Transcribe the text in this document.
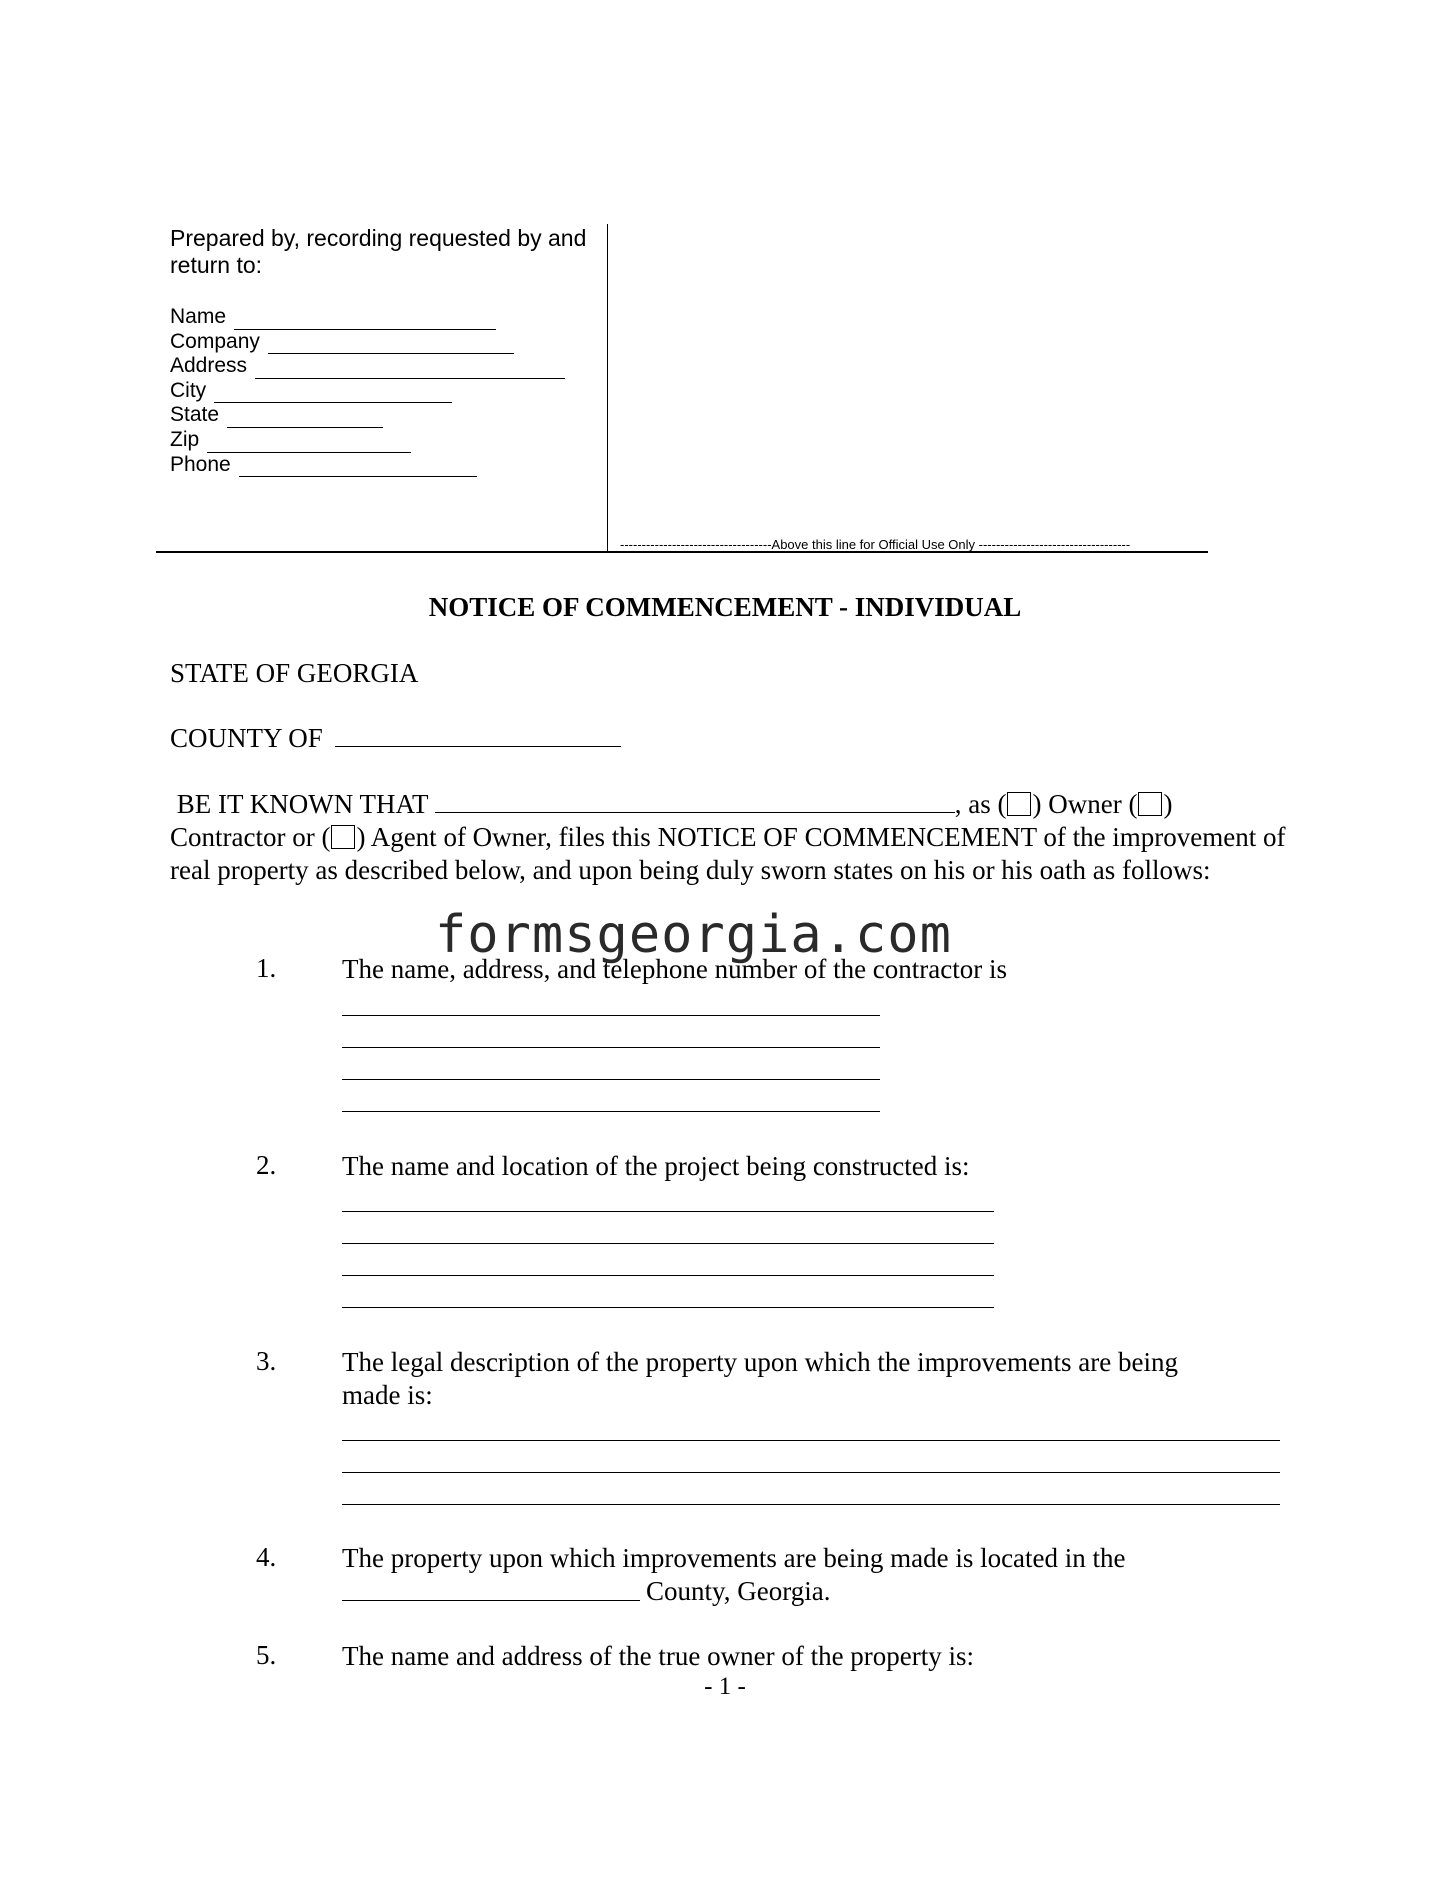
Prepared by, recording requested by and return to:
Name
Company
Address
City
State
Zip
Phone
-----------------------------------Above this line for Official Use Only -----------------------------------
NOTICE OF COMMENCEMENT - INDIVIDUAL
STATE OF GEORGIA
COUNTY OF
BE IT KNOWN THAT	, as ( ) Owner ( )
Contractor or ( ) Agent of Owner, files this NOTICE OF COMMENCEMENT of the improvement of real property as described below, and upon being duly sworn states on his or his oath as follows:
formsgeorgia.com
1. The name, address, and telephone number of the contractor is
2. The name and location of the project being constructed is:
3. The legal description of the property upon which the improvements are being made is:
4. The property upon which improvements are being made is located in the
County, Georgia.
5. The name and address of the true owner of the property is:
- 1 -
